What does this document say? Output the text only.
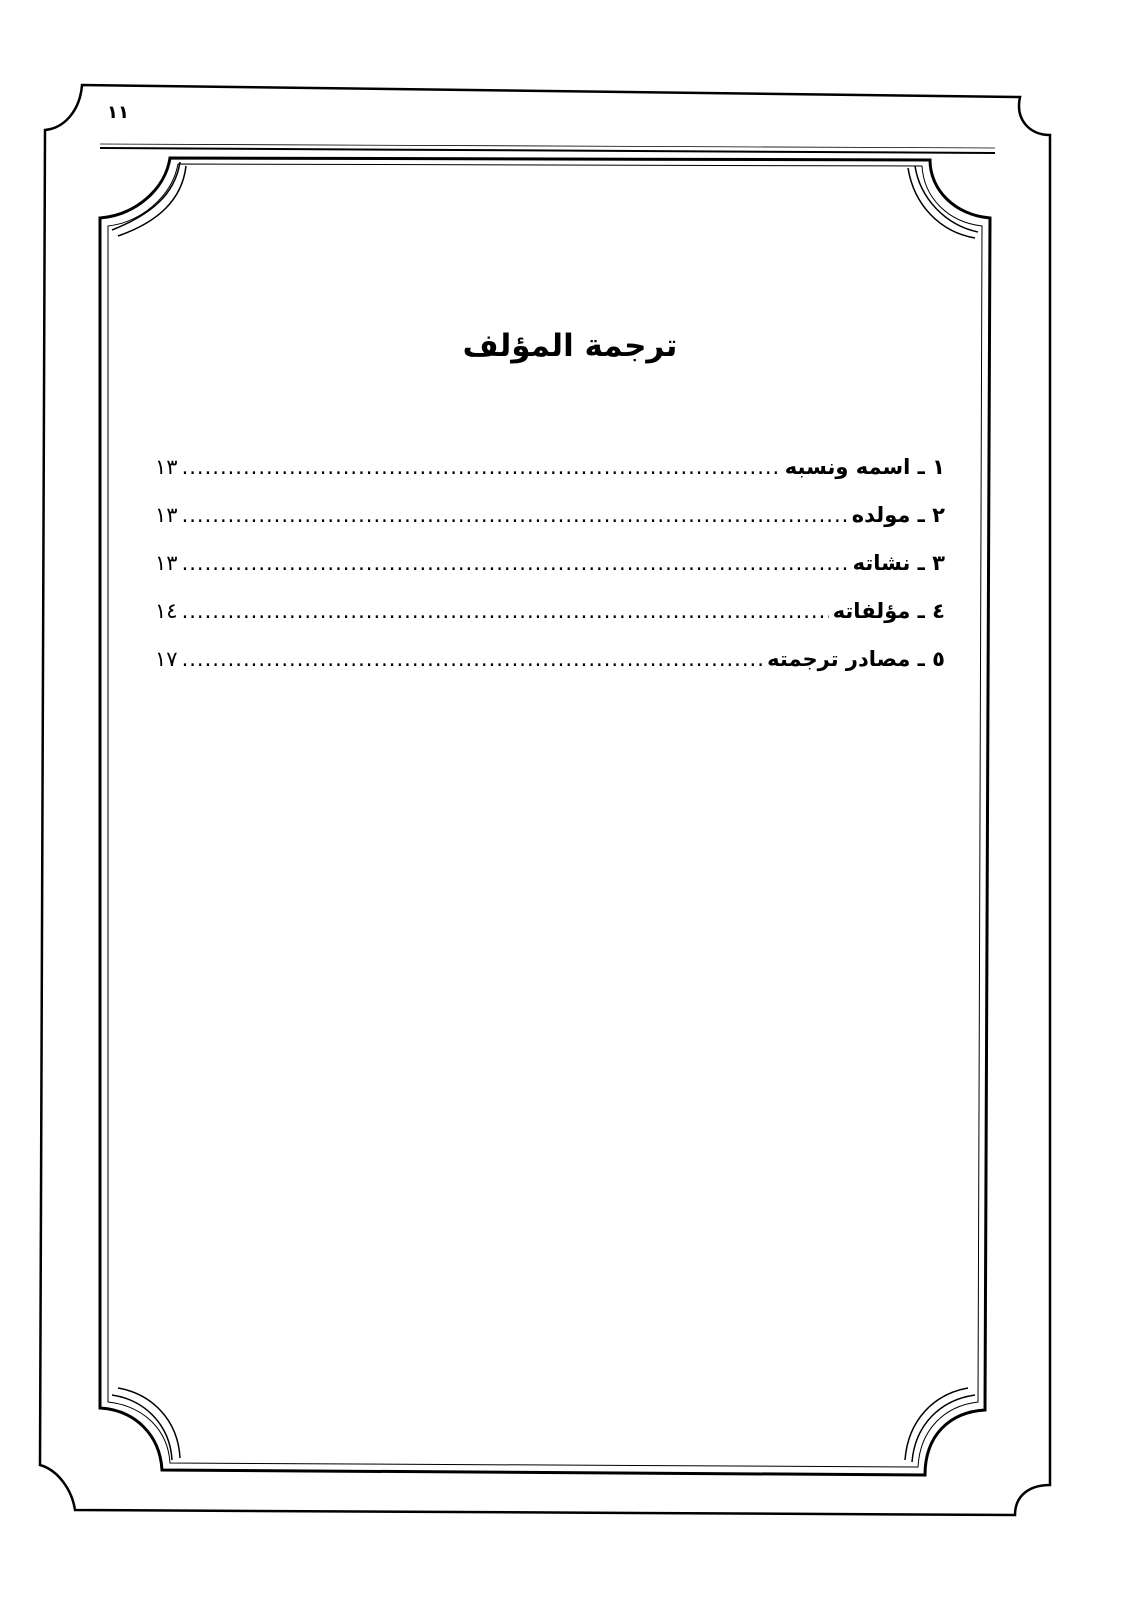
١١
ترجمة المؤلف
١ ـ اسمه ونسبه
.....
١٣
٢ ـ مولده
.....
١٣
٣ ـ نشاته
.....
١٣
٤ ـ مؤلفاته
.....
١٤
٥ ـ مصادر ترجمته
.....
١٧
